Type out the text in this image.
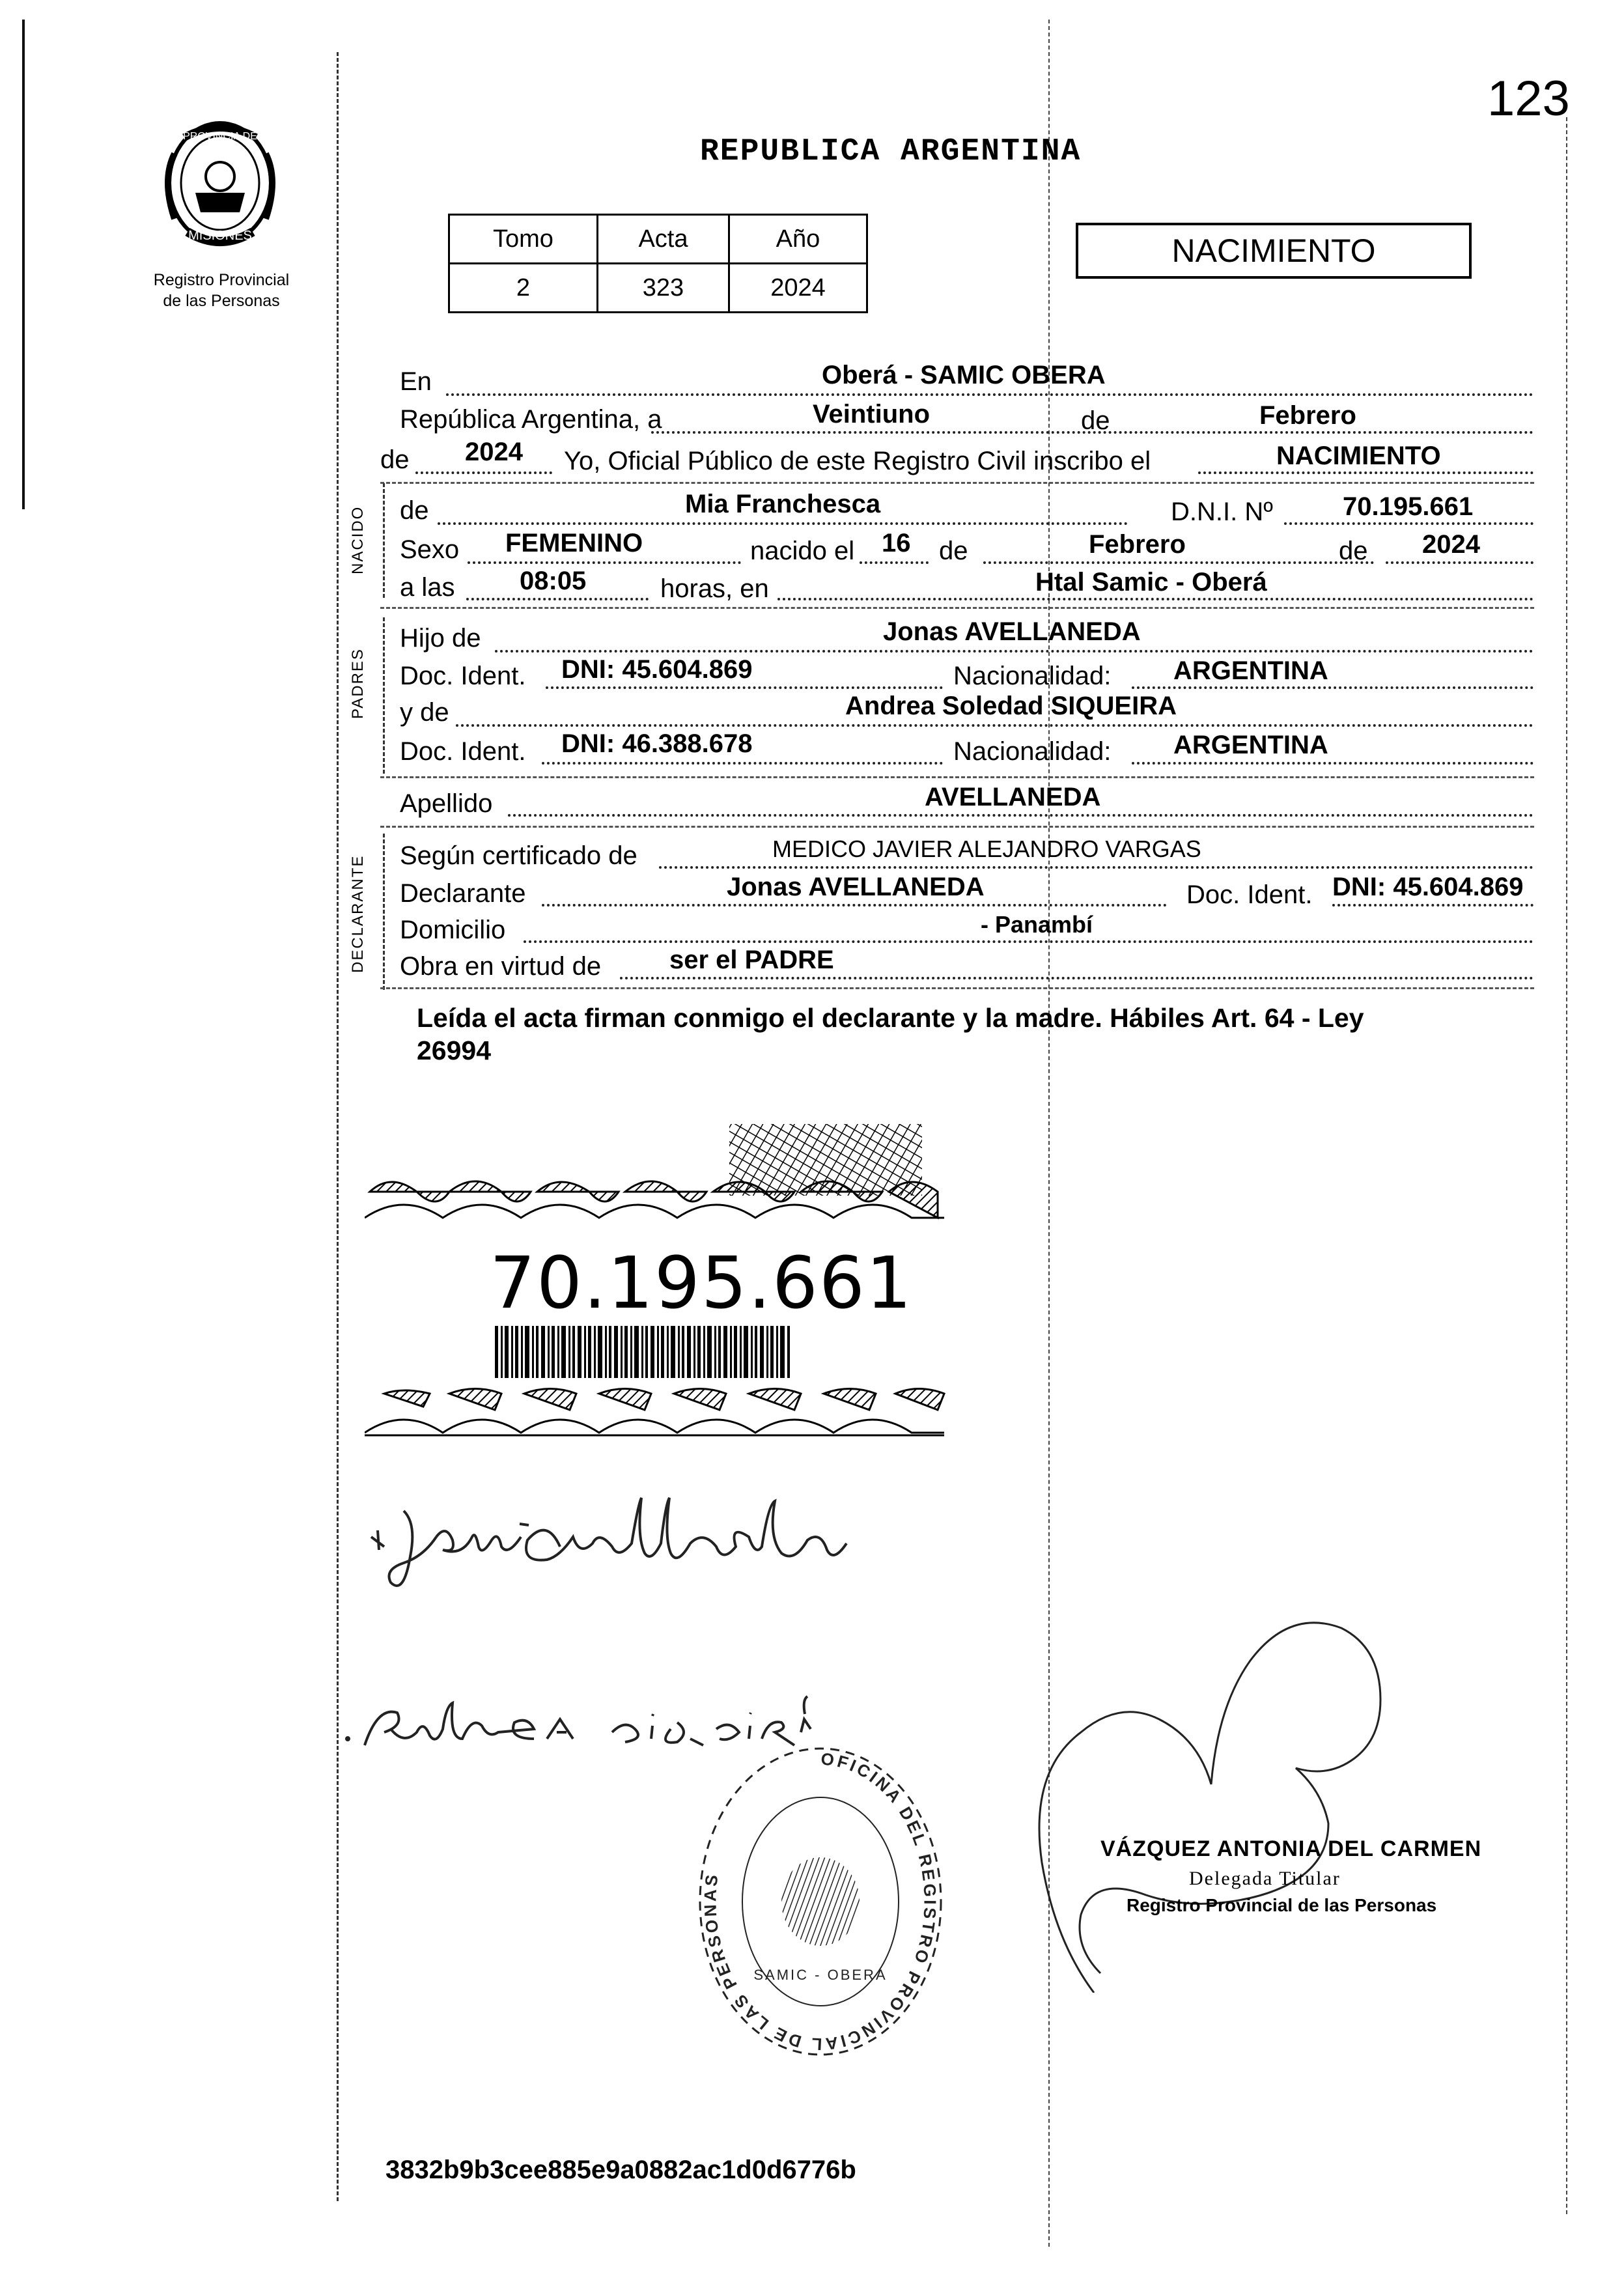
123
PROVINCIA DE
MISIONES
Registro Provincial
de las Personas
REPUBLICA ARGENTINA
Tomo	Acta	Año
2	323	2024
NACIMIENTO
En	Oberá - SAMIC OBERA
República Argentina, a	Veintiuno	de	Febrero
de 2024 Yo, Oficial Público de este Registro Civil inscribo el	NACIMIENTO
NACIDO de	Mia Franchesca	D.N.I. Nº	70.195.661
Sexo FEMENINO	nacido el 16 de	Febrero	de 2024
a las 08:05	horas, en	Htal Samic - Oberá
PADRES
Hijo de	Jonas AVELLANEDA
Doc. Ident. DNI: 45.604.869	Nacionalidad: ARGENTINA
y de	Andrea Soledad SIQUEIRA
Doc. Ident. DNI: 46.388.678	Nacionalidad: ARGENTINA
Apellido	AVELLANEDA
DECLARANTE Según certificado de	MEDICO JAVIER ALEJANDRO VARGAS
Declarante	Jonas AVELLANEDA	Doc. Ident. DNI: 45.604.869
Domicilio	- Panambí
Obra en virtud de	ser el PADRE
Leída el acta firman conmigo el declarante y la madre. Hábiles Art. 64 - Ley
26994
70.195.661
Jonás Avellaneda
Andrea Siqueira
OFICINA DEL REGISTRO PROVINCIAL DE LAS PERSONAS
SAMIC - OBERA
VÁZQUEZ ANTONIA DEL CARMEN
Delegada Titular
Registro Provincial de las Personas
3832b9b3cee885e9a0882ac1d0d6776b
